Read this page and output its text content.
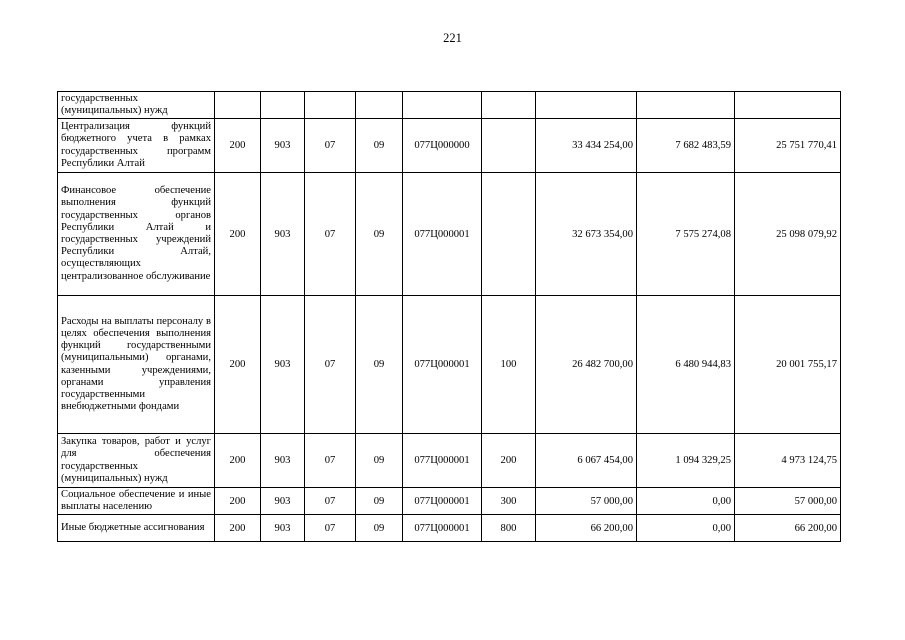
221
государственных (муниципальных) нужд									
Централизация функций бюджетного учета в рамках государственных программ Республики Алтай	200	903	07	09	077Ц000000		33 434 254,00	7 682 483,59	25 751 770,41
Финансовое обеспечение выполнения функций государственных органов Республики Алтай и государственных учреждений Республики Алтай, осуществляющих централизованное обслуживание	200	903	07	09	077Ц000001		32 673 354,00	7 575 274,08	25 098 079,92
Расходы на выплаты персоналу в целях обеспечения выполнения функций государственными (муниципальными) органами, казенными учреждениями, органами управления государственными внебюджетными фондами	200	903	07	09	077Ц000001	100	26 482 700,00	6 480 944,83	20 001 755,17
Закупка товаров, работ и услуг для обеспечения государственных (муниципальных) нужд	200	903	07	09	077Ц000001	200	6 067 454,00	1 094 329,25	4 973 124,75
Социальное обеспечение и иные выплаты населению	200	903	07	09	077Ц000001	300	57 000,00	0,00	57 000,00
Иные бюджетные ассигнования	200	903	07	09	077Ц000001	800	66 200,00	0,00	66 200,00
